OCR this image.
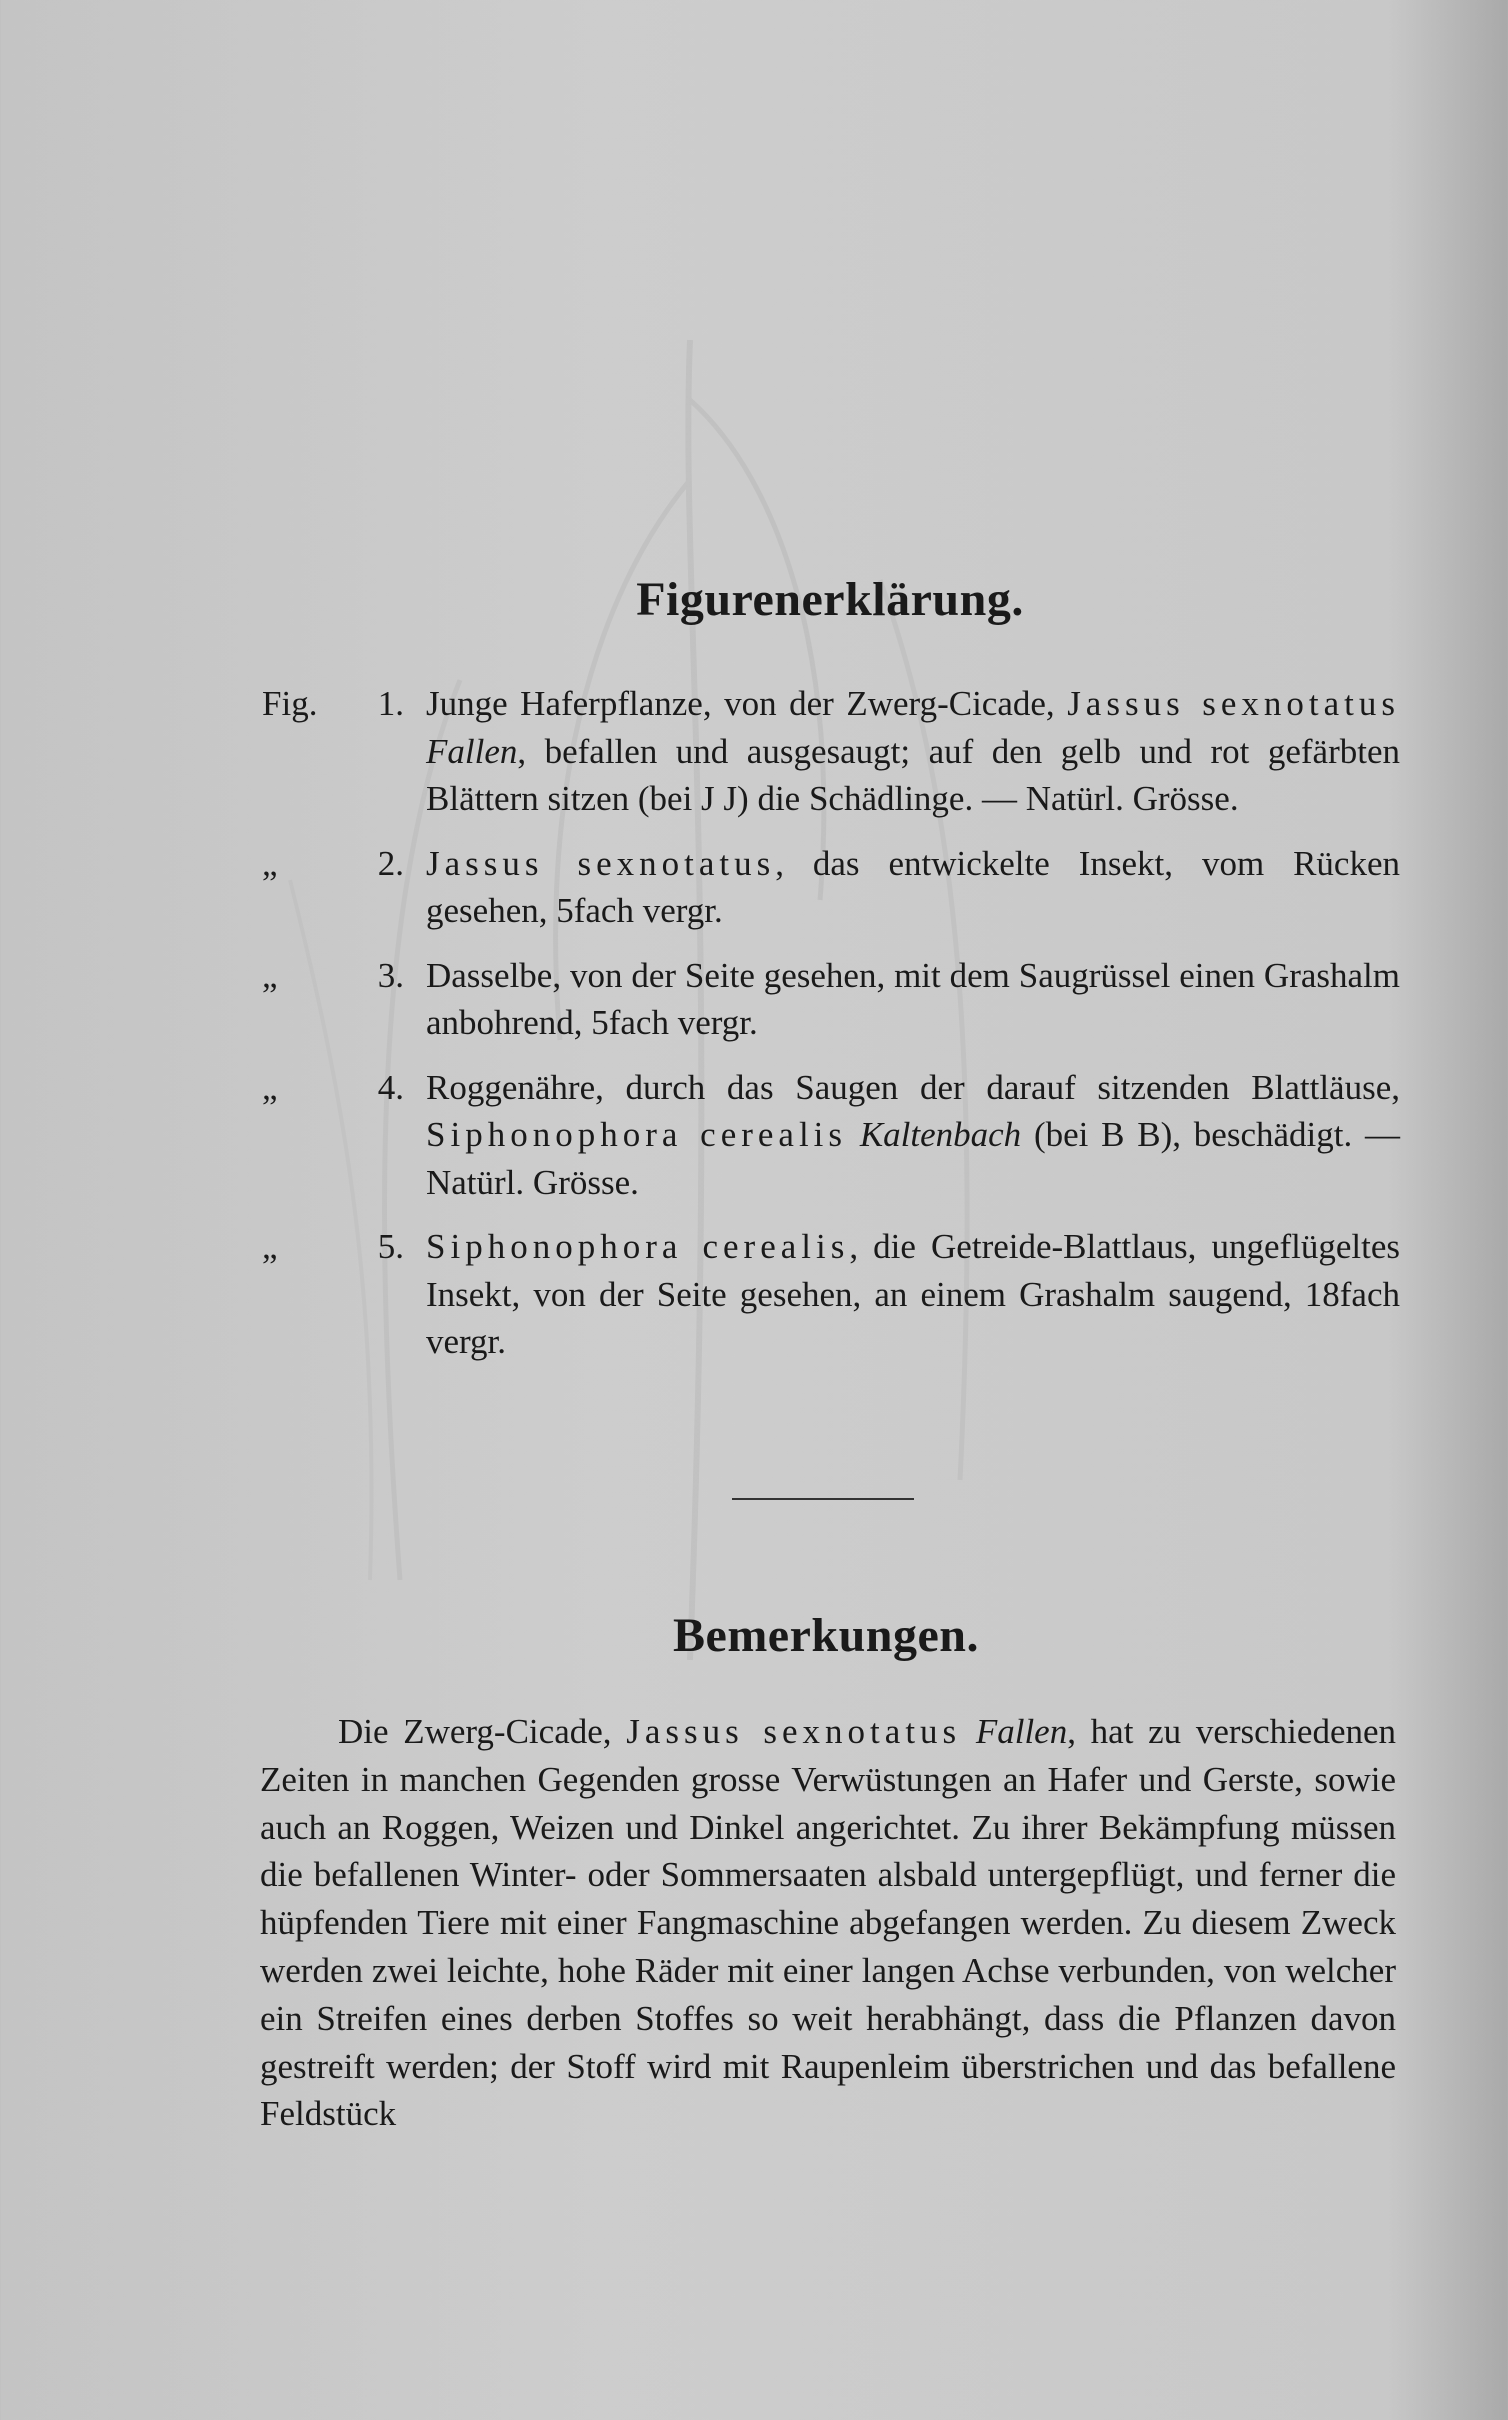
Figurenerklärung.
Fig.	1. Junge Haferpflanze, von der Zwerg-Cicade, Jassus sexnotatus Fallen, befallen und ausgesaugt; auf den gelb und rot gefärbten Blättern sitzen (bei J J) die Schädlinge. — Natürl. Grösse.
„	2. Jassus sexnotatus, das entwickelte Insekt, vom Rücken gesehen, 5fach vergr.
„	3. Dasselbe, von der Seite gesehen, mit dem Saugrüssel einen Grashalm anbohrend, 5fach vergr.
„	4. Roggenähre, durch das Saugen der darauf sitzenden Blattläuse, Siphonophora cerealis Kaltenbach (bei B B), beschädigt. — Natürl. Grösse.
„	5. Siphonophora cerealis, die Getreide-Blattlaus, ungeflügeltes Insekt, von der Seite gesehen, an einem Grashalm saugend, 18fach vergr.
Bemerkungen.

Die Zwerg-Cicade, Jassus sexnotatus Fallen, hat zu verschiedenen Zeiten in manchen Gegenden grosse Verwüstungen an Hafer und Gerste, sowie auch an Roggen, Weizen und Dinkel angerichtet. Zu ihrer Bekämpfung müssen die befallenen Winter- oder Sommersaaten alsbald untergepflügt, und ferner die hüpfenden Tiere mit einer Fangmaschine abgefangen werden. Zu diesem Zweck werden zwei leichte, hohe Räder mit einer langen Achse verbunden, von welcher ein Streifen eines derben Stoffes so weit herabhängt, dass die Pflanzen davon gestreift werden; der Stoff wird mit Raupenleim überstrichen und das befallene Feldstück
